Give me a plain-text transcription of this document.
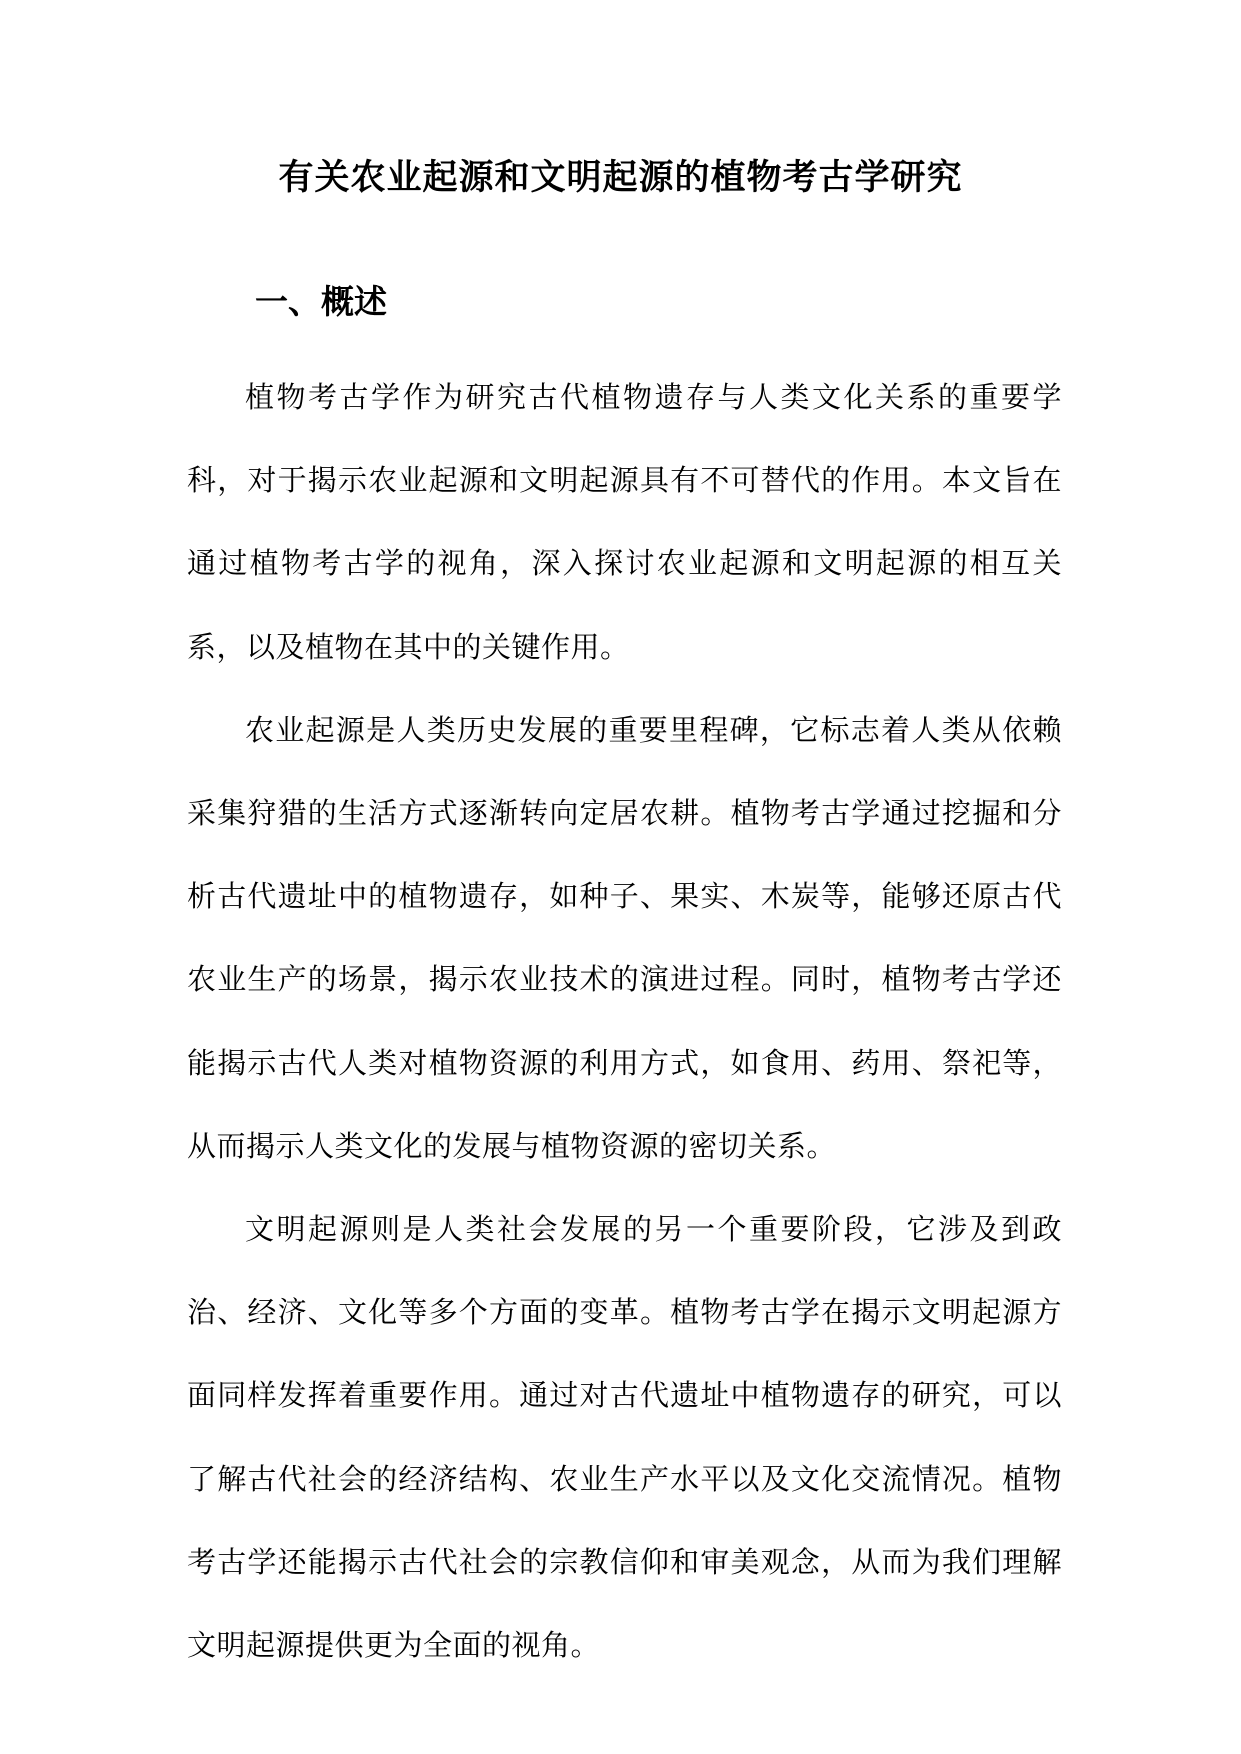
有关农业起源和文明起源的植物考古学研究
一、概述

植物考古学作为研究古代植物遗存与人类文化关系的重要学科，对于揭示农业起源和文明起源具有不可替代的作用。本文旨在通过植物考古学的视角，深入探讨农业起源和文明起源的相互关系，以及植物在其中的关键作用。

农业起源是人类历史发展的重要里程碑，它标志着人类从依赖采集狩猎的生活方式逐渐转向定居农耕。植物考古学通过挖掘和分析古代遗址中的植物遗存，如种子、果实、木炭等，能够还原古代农业生产的场景，揭示农业技术的演进过程。同时，植物考古学还能揭示古代人类对植物资源的利用方式，如食用、药用、祭祀等，从而揭示人类文化的发展与植物资源的密切关系。

文明起源则是人类社会发展的另一个重要阶段，它涉及到政治、经济、文化等多个方面的变革。植物考古学在揭示文明起源方面同样发挥着重要作用。通过对古代遗址中植物遗存的研究，可以了解古代社会的经济结构、农业生产水平以及文化交流情况。植物考古学还能揭示古代社会的宗教信仰和审美观念，从而为我们理解文明起源提供更为全面的视角。
